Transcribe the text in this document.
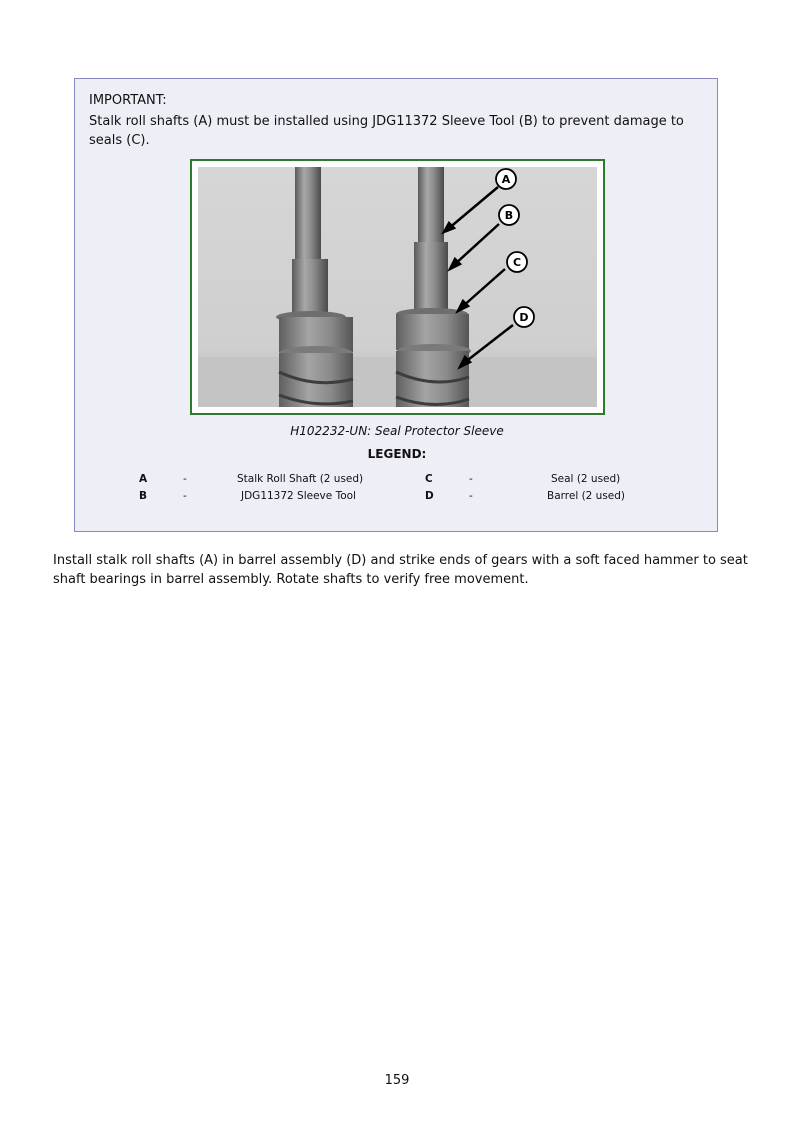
IMPORTANT:
Stalk roll shafts (A) must be installed using JDG11372 Sleeve Tool (B) to prevent damage to seals (C).
A
B
C
D
H102232-UN: Seal Protector Sleeve
LEGEND:
A	-	Stalk Roll Shaft (2 used)	C	-	Seal (2 used)
B	-	JDG11372 Sleeve Tool	D	-	Barrel (2 used)
Install stalk roll shafts (A) in barrel assembly (D) and strike ends of gears with a soft faced hammer to seat shaft bearings in barrel assembly. Rotate shafts to verify free movement.
159
